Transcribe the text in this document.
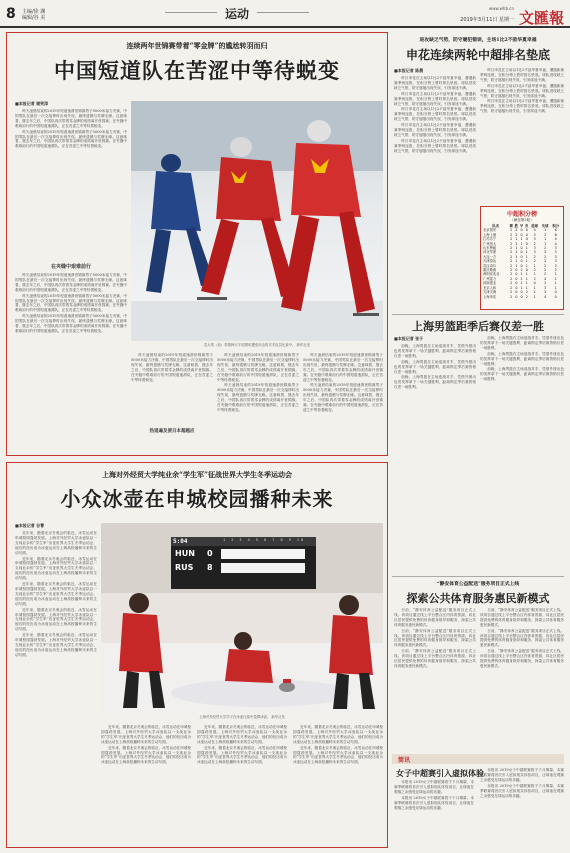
8 主编/徐 渊
编辑/谷 美	运动	www.whb.cn
2019年3月11日 星期一 文匯報
连续两年世锦赛带着“零金牌”的尴尬转羽而归
中国短道队在苦涩中等待蜕变
■本报记者 谢笑添

昨天凌晨结束的2019年短道速滑世锦赛男子5000米接力决赛，中国男队在最后一次交接棒时出现失误，最终遗憾与奖牌无缘。这意味着，继去年之后，中国队再次带着零金牌的成绩离开世锦赛。在夹缝中艰难前行的中国短道速滑队，正在苦涩之中等待着蜕变。

昨天凌晨结束的2019年短道速滑世锦赛男子5000米接力决赛，中国男队在最后一次交接棒时出现失误，最终遗憾与奖牌无缘。这意味着，继去年之后，中国队再次带着零金牌的成绩离开世锦赛。在夹缝中艰难前行的中国短道速滑队，正在苦涩之中等待着蜕变。

在夹缝中艰难前行

昨天凌晨结束的2019年短道速滑世锦赛男子5000米接力决赛，中国男队在最后一次交接棒时出现失误，最终遗憾与奖牌无缘。这意味着，继去年之后，中国队再次带着零金牌的成绩离开世锦赛。在夹缝中艰难前行的中国短道速滑队，正在苦涩之中等待着蜕变。

昨天凌晨结束的2019年短道速滑世锦赛男子5000米接力决赛，中国男队在最后一次交接棒时出现失误，最终遗憾与奖牌无缘。这意味着，继去年之后，中国队再次带着零金牌的成绩离开世锦赛。在夹缝中艰难前行的中国短道速滑队，正在苦涩之中等待着蜕变。

昨天凌晨结束的2019年短道速滑世锦赛男子5000米接力决赛，中国男队在最后一次交接棒时出现失误，最终遗憾与奖牌无缘。这意味着，继去年之后，中国队再次带着零金牌的成绩离开世锦赛。在夹缝中艰难前行的中国短道速滑队，正在苦涩之中等待着蜕变。

武大靖（前）带领韩天宇周围时遭受冲击的对手队员比赛中。 新华社发

昨天凌晨结束的2019年短道速滑世锦赛男子5000米接力决赛，中国男队在最后一次交接棒时出现失误，最终遗憾与奖牌无缘。这意味着，继去年之后，中国队再次带着零金牌的成绩离开世锦赛。在夹缝中艰难前行的中国短道速滑队，正在苦涩之中等待着蜕变。

热退遍及使日本超越应

昨天凌晨结束的2019年短道速滑世锦赛男子5000米接力决赛，中国男队在最后一次交接棒时出现失误，最终遗憾与奖牌无缘。这意味着，继去年之后，中国队再次带着零金牌的成绩离开世锦赛。在夹缝中艰难前行的中国短道速滑队，正在苦涩之中等待着蜕变。

昨天凌晨结束的2019年短道速滑世锦赛男子5000米接力决赛，中国男队在最后一次交接棒时出现失误，最终遗憾与奖牌无缘。这意味着，继去年之后，中国队再次带着零金牌的成绩离开世锦赛。在夹缝中艰难前行的中国短道速滑队，正在苦涩之中等待着蜕变。

昨天凌晨结束的2019年短道速滑世锦赛男子5000米接力决赛，中国男队在最后一次交接棒时出现失误，最终遗憾与奖牌无缘。这意味着，继去年之后，中国队再次带着零金牌的成绩离开世锦赛。在夹缝中艰难前行的中国短道速滑队，正在苦涩之中等待着蜕变。

昨天凌晨结束的2019年短道速滑世锦赛男子5000米接力决赛，中国男队在最后一次交接棒时出现失误，最终遗憾与奖牌无缘。这意味着，继去年之后，中国队再次带着零金牌的成绩离开世锦赛。在夹缝中艰难前行的中国短道速滑队，正在苦涩之中等待着蜕变。

上海对外经贸大学纯业余“学生军”征战世界大学生冬季运动会
小众冰壶在申城校园播种未来
■本报记者 谷菁

近年来，随着北京冬奥会的临近，冰雪运动在申城校园蓬勃发展。上海对外经贸大学冰壶队以一支纯业余的“学生军”出征世界大学生冬季运动会，他们的经历成为冰壶运动在上海高校播种未来的生动写照。

近年来，随着北京冬奥会的临近，冰雪运动在申城校园蓬勃发展。上海对外经贸大学冰壶队以一支纯业余的“学生军”出征世界大学生冬季运动会，他们的经历成为冰壶运动在上海高校播种未来的生动写照。

近年来，随着北京冬奥会的临近，冰雪运动在申城校园蓬勃发展。上海对外经贸大学冰壶队以一支纯业余的“学生军”出征世界大学生冬季运动会，他们的经历成为冰壶运动在上海高校播种未来的生动写照。

近年来，随着北京冬奥会的临近，冰雪运动在申城校园蓬勃发展。上海对外经贸大学冰壶队以一支纯业余的“学生军”出征世界大学生冬季运动会，他们的经历成为冰壶运动在上海高校播种未来的生动写照。

近年来，随着北京冬奥会的临近，冰雪运动在申城校园蓬勃发展。上海对外经贸大学冰壶队以一支纯业余的“学生军”出征世界大学生冬季运动会，他们的经历成为冰壶运动在上海高校播种未来的生动写照。

5:04	1 2 3 4 5 6 7 8 9 10
HUN
RUS
0
8
上海对外经贸大学学子在冰壶比赛中投掷冰壶。 新华社发

近年来，随着北京冬奥会的临近，冰雪运动在申城校园蓬勃发展。上海对外经贸大学冰壶队以一支纯业余的“学生军”出征世界大学生冬季运动会，他们的经历成为冰壶运动在上海高校播种未来的生动写照。

近年来，随着北京冬奥会的临近，冰雪运动在申城校园蓬勃发展。上海对外经贸大学冰壶队以一支纯业余的“学生军”出征世界大学生冬季运动会，他们的经历成为冰壶运动在上海高校播种未来的生动写照。

近年来，随着北京冬奥会的临近，冰雪运动在申城校园蓬勃发展。上海对外经贸大学冰壶队以一支纯业余的“学生军”出征世界大学生冬季运动会，他们的经历成为冰壶运动在上海高校播种未来的生动写照。

近年来，随着北京冬奥会的临近，冰雪运动在申城校园蓬勃发展。上海对外经贸大学冰壶队以一支纯业余的“学生军”出征世界大学生冬季运动会，他们的经历成为冰壶运动在上海高校播种未来的生动写照。

近年来，随着北京冬奥会的临近，冰雪运动在申城校园蓬勃发展。上海对外经贸大学冰壶队以一支纯业余的“学生军”出征世界大学生冬季运动会，他们的经历成为冰壶运动在上海高校播种未来的生动写照。

近年来，随着北京冬奥会的临近，冰雪运动在申城校园蓬勃发展。上海对外经贸大学冰壶队以一支纯业余的“学生军”出征世界大学生冬季运动会，他们的经历成为冰壶运动在上海高校播种未来的生动写照。

进攻缺乏气势，防守屡犯错误，主场1比2不敌华夏幸福
申花连续两轮中超排名垫底
■本报记者 陈晨

昨日申花在主场以1比2不敌华夏幸福，遭遇新赛季两连败，在积分榜上暂时排名垫底。球队进攻缺乏气势，防守屡屡出现失误，引发球迷不满。

昨日申花在主场以1比2不敌华夏幸福，遭遇新赛季两连败，在积分榜上暂时排名垫底。球队进攻缺乏气势，防守屡屡出现失误，引发球迷不满。

昨日申花在主场以1比2不敌华夏幸福，遭遇新赛季两连败，在积分榜上暂时排名垫底。球队进攻缺乏气势，防守屡屡出现失误，引发球迷不满。

昨日申花在主场以1比2不敌华夏幸福，遭遇新赛季两连败，在积分榜上暂时排名垫底。球队进攻缺乏气势，防守屡屡出现失误，引发球迷不满。

昨日申花在主场以1比2不敌华夏幸福，遭遇新赛季两连败，在积分榜上暂时排名垫底。球队进攻缺乏气势，防守屡屡出现失误，引发球迷不满。

昨日申花在主场以1比2不敌华夏幸福，遭遇新赛季两连败，在积分榜上暂时排名垫底。球队进攻缺乏气势，防守屡屡出现失误，引发球迷不满。

昨日申花在主场以1比2不敌华夏幸福，遭遇新赛季两连败，在积分榜上暂时排名垫底。球队进攻缺乏气势，防守屡屡出现失误，引发球迷不满。

昨日申花在主场以1比2不敌华夏幸福，遭遇新赛季两连败，在积分榜上暂时排名垫底。球队进攻缺乏气势，防守屡屡出现失误，引发球迷不满。

中超积分榜
（截至第2轮）
队名	赛	胜	平	负	进球	失球	积分
北京国安	2	2	0	0	4	1	6
上海上港	2	2	0	0	5	2	6
江苏苏宁	2	1	1	0	3	1	4
广州恒大	2	1	1	0	2	1	4
山东鲁能	2	1	0	1	3	2	3
河北华夏	2	1	0	1	3	3	3
大连一方	2	1	0	1	2	2	3
天津泰达	2	1	0	1	2	3	3
武汉卓尔	2	1	0	1	1	2	3
重庆斯威	2	0	2	0	2	2	2
深圳佳兆业	2	0	1	1	1	2	1
广州富力	2	0	1	1	2	4	1
河南建业	2	0	1	1	0	2	1
北京人和	2	0	1	1	1	3	1
天津天海	2	0	0	2	1	3	0
上海申花	2	0	0	2	1	4	0
上海男篮距季后赛仅差一胜
■本报记者 张子

前晚，上海男篮在主场迎战对手，凭借外援出色的发挥拿下一场关键胜利，距离锁定季后赛资格仅差一场胜利。

前晚，上海男篮在主场迎战对手，凭借外援出色的发挥拿下一场关键胜利，距离锁定季后赛资格仅差一场胜利。

前晚，上海男篮在主场迎战对手，凭借外援出色的发挥拿下一场关键胜利，距离锁定季后赛资格仅差一场胜利。

前晚，上海男篮在主场迎战对手，凭借外援出色的发挥拿下一场关键胜利，距离锁定季后赛资格仅差一场胜利。

前晚，上海男篮在主场迎战对手，凭借外援出色的发挥拿下一场关键胜利，距离锁定季后赛资格仅差一场胜利。

前晚，上海男篮在主场迎战对手，凭借外援出色的发挥拿下一场关键胜利，距离锁定季后赛资格仅差一场胜利。

“静安体育公益配送”服务项目正式上线
探索公共体育服务惠民新模式

日前，“静安体育公益配送”服务项目正式上线。该项目通过线上平台整合区内体育资源，向社区居民提供免费的体育健身指导和服务，探索公共体育服务惠民新模式。

日前，“静安体育公益配送”服务项目正式上线。该项目通过线上平台整合区内体育资源，向社区居民提供免费的体育健身指导和服务，探索公共体育服务惠民新模式。

日前，“静安体育公益配送”服务项目正式上线。该项目通过线上平台整合区内体育资源，向社区居民提供免费的体育健身指导和服务，探索公共体育服务惠民新模式。

日前，“静安体育公益配送”服务项目正式上线。该项目通过线上平台整合区内体育资源，向社区居民提供免费的体育健身指导和服务，探索公共体育服务惠民新模式。

日前，“静安体育公益配送”服务项目正式上线。该项目通过线上平台整合区内体育资源，向社区居民提供免费的体育健身指导和服务，探索公共体育服务惠民新模式。

日前，“静安体育公益配送”服务项目正式上线。该项目通过线上平台整合区内体育资源，向社区居民提供免费的体育健身指导和服务，探索公共体育服务惠民新模式。

简讯
女子中超赛引入虚拟体验

本报讯 2019女子中超联赛将于下月揭幕，本赛季联赛将首次引入虚拟现实体验项目，让球迷在观赛之余感受足球运动的乐趣。

本报讯 2019女子中超联赛将于下月揭幕，本赛季联赛将首次引入虚拟现实体验项目，让球迷在观赛之余感受足球运动的乐趣。

本报讯 2019女子中超联赛将于下月揭幕，本赛季联赛将首次引入虚拟现实体验项目，让球迷在观赛之余感受足球运动的乐趣。

本报讯 2019女子中超联赛将于下月揭幕，本赛季联赛将首次引入虚拟现实体验项目，让球迷在观赛之余感受足球运动的乐趣。
